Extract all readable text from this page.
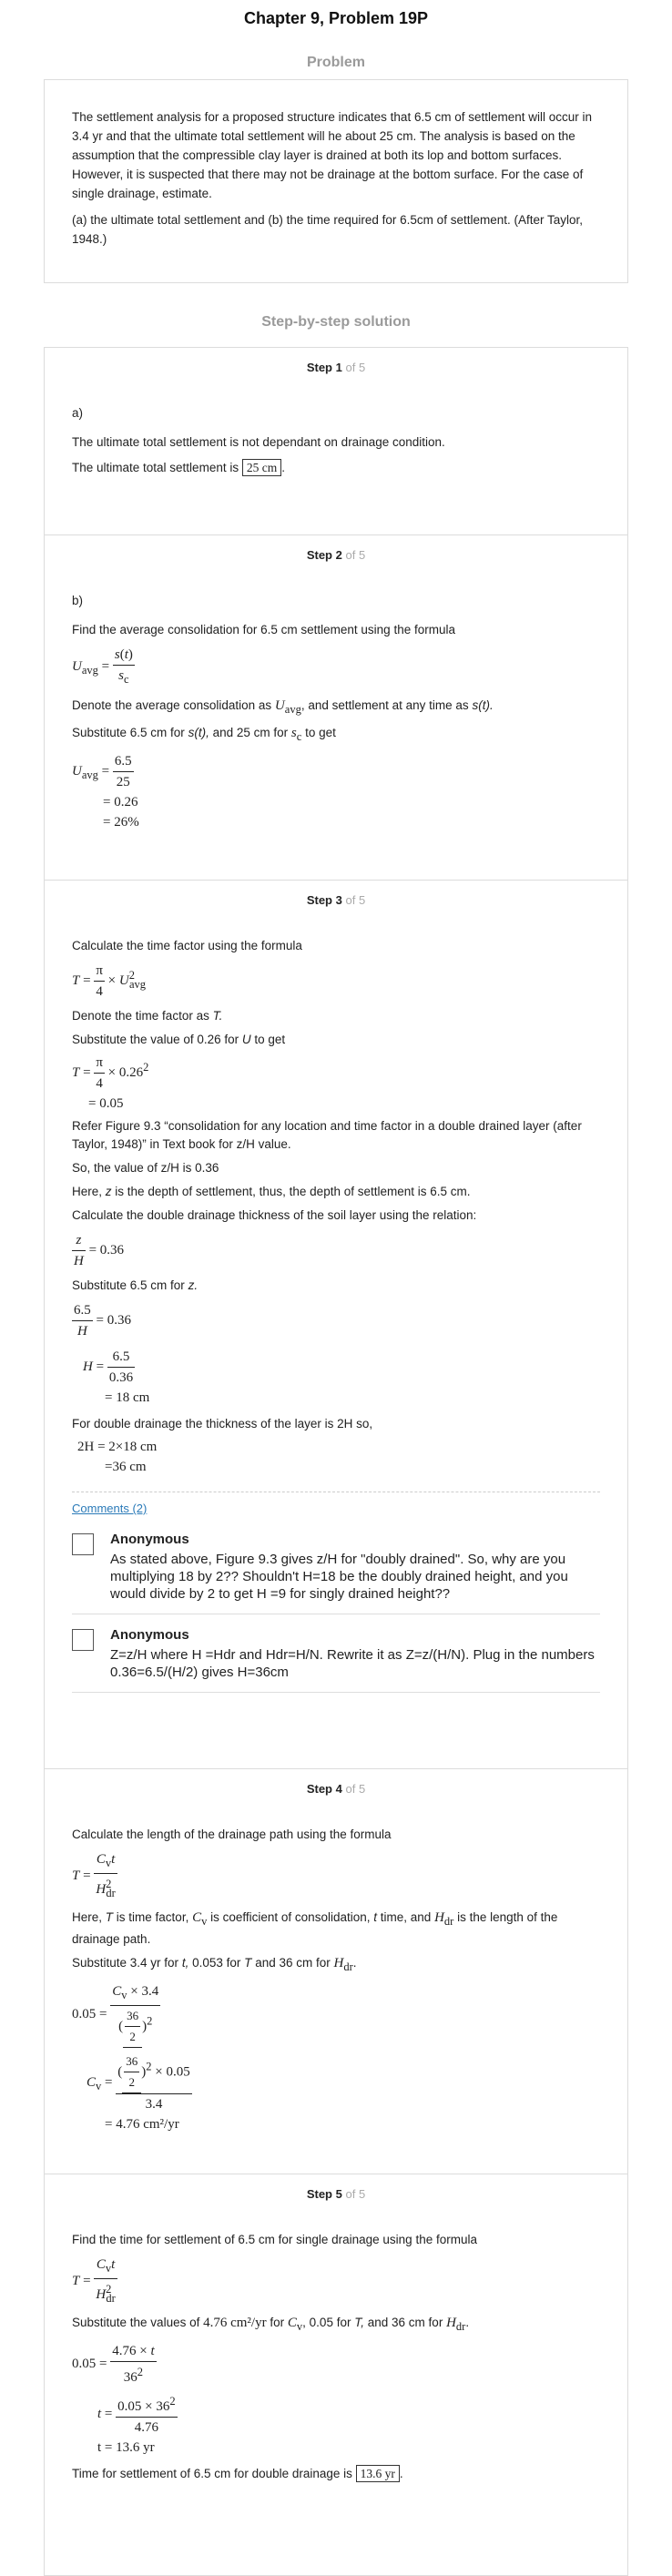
Chapter 9, Problem 19P
Problem

The settlement analysis for a proposed structure indicates that 6.5 cm of settlement will occur in 3.4 yr and that the ultimate total settlement will he about 25 cm. The analysis is based on the assumption that the compressible clay layer is drained at both its lop and bottom surfaces. However, it is suspected that there may not be drainage at the bottom surface. For the case of single drainage, estimate.

(a) the ultimate total settlement and (b) the time required for 6.5cm of settlement. (After Taylor, 1948.)

Step-by-step solution
Step 1 of 5

a)

The ultimate total settlement is not dependant on drainage condition.

The ultimate total settlement is 25 cm .

Step 2 of 5

b)

Find the average consolidation for 6.5 cm settlement using the formula

$U_{avg} = \frac{s(t)}{s_c}$

Denote the average consolidation as $U_{avg}$, and settlement at any time as s(t).

Substitute 6.5 cm for s(t), and 25 cm for $s_c$ to get

$U_{avg} = \frac{6.5}{25}$
= 0.26
= 26%
Step 3 of 5

Calculate the time factor using the formula

$T = \frac{\pi}{4} \times U^2_{avg}$

Denote the time factor as T.

Substitute the value of 0.26 for U to get

$T = \frac{\pi}{4} \times 0.26^2$
= 0.05

Refer Figure 9.3 “consolidation for any location and time factor in a double drained layer (after Taylor, 1948)” in Text book for z/H value.

So, the value of z/H is 0.36

Here, z is the depth of settlement, thus, the depth of settlement is 6.5 cm.

Calculate the double drainage thickness of the soil layer using the relation:

$\frac{z}{H} = 0.36$

Substitute 6.5 cm for z.

$\frac{6.5}{H} = 0.36$
$H = \frac{6.5}{0.36}$
= 18 cm

For double drainage the thickness of the layer is 2H so,

2H = 2×18 cm
=36 cm
Comments (2)
Anonymous
As stated above, Figure 9.3 gives z/H for "doubly drained". So, why are you multiplying 18 by 2?? Shouldn't H=18 be the doubly drained height, and you would divide by 2 to get H =9 for singly drained height??
Anonymous
Z=z/H where H =Hdr and Hdr=H/N. Rewrite it as Z=z/(H/N). Plug in the numbers 0.36=6.5/(H/2) gives H=36cm
Step 4 of 5

Calculate the length of the drainage path using the formula

$T = \frac{C_vt}{H^2_{dr}}$

Here, T is time factor, $C_v$ is coefficient of consolidation, t time, and $H_{dr}$ is the length of the drainage path.

Substitute 3.4 yr for t, 0.053 for T and 36 cm for $H_{dr}$.

$0.05 = \frac{C_v \times 3.4}{( \frac{36}{2} )^2}$
$C_v = \frac{( \frac{36}{2} )^2 \times 0.05}{3.4}$
= 4.76 cm²/yr
Step 5 of 5

Find the time for settlement of 6.5 cm for single drainage using the formula

$T = \frac{C_vt}{H^2_{dr}}$

Substitute the values of 4.76 cm²/yr for $C_v$, 0.05 for T, and 36 cm for $H_{dr}$.

$0.05 = \frac{4.76 \times t}{36^2}$
$t = \frac{0.05 \times 36^2}{4.76}$
t = 13.6 yr

Time for settlement of 6.5 cm for double drainage is 13.6 yr .
